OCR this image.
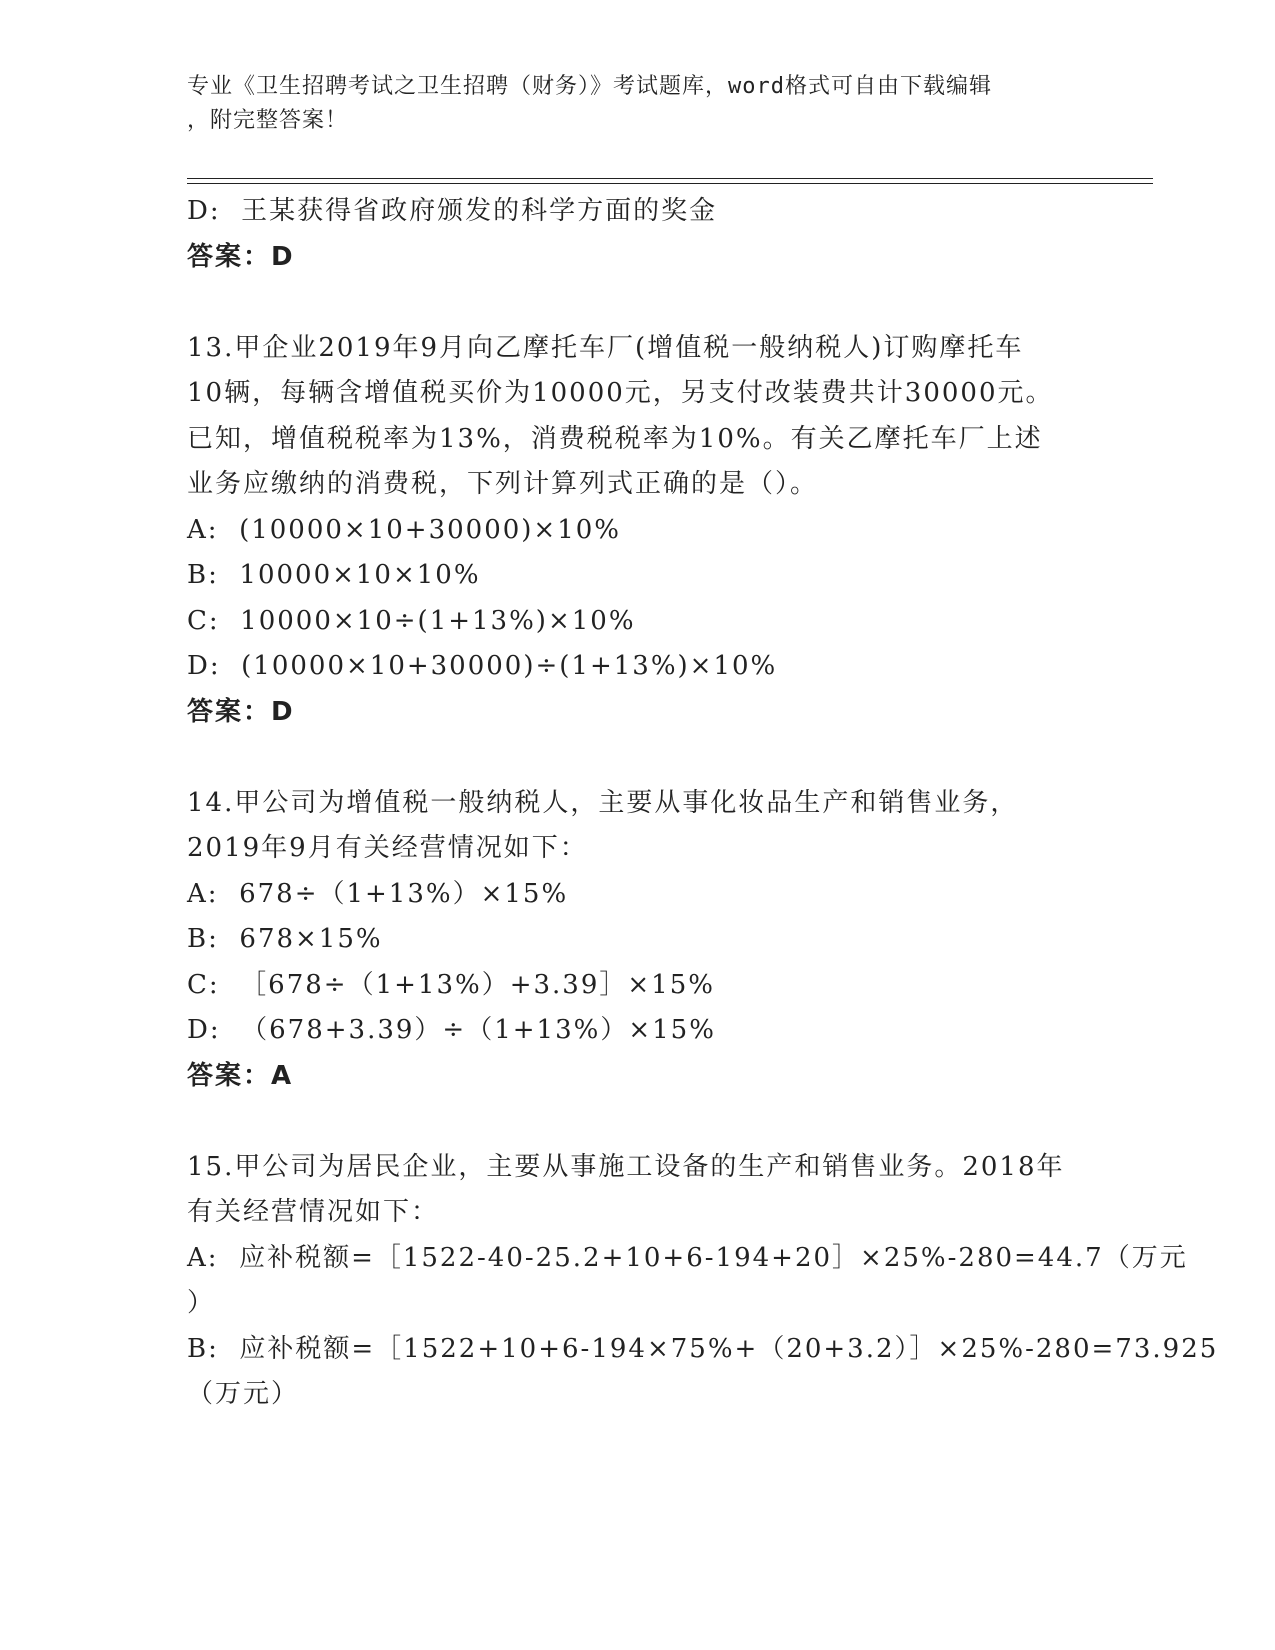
专业《卫生招聘考试之卫生招聘（财务）》考试题库，word格式可自由下载编辑
，附完整答案！
D:  王某获得省政府颁发的科学方面的奖金
答案：D
13.甲企业2019年9月向乙摩托车厂(增值税一般纳税人)订购摩托车
10辆，每辆含增值税买价为10000元，另支付改装费共计30000元。
已知，增值税税率为13%，消费税税率为10%。有关乙摩托车厂上述
业务应缴纳的消费税，下列计算列式正确的是（）。
A:  (10000×10+30000)×10%
B:  10000×10×10%
C:  10000×10÷(1+13%)×10%
D:  (10000×10+30000)÷(1+13%)×10%
答案：D
14.甲公司为增值税一般纳税人，主要从事化妆品生产和销售业务，
2019年9月有关经营情况如下：
A:  678÷（1+13%）×15%
B:  678×15%
C:  ［678÷（1+13%）+3.39］×15%
D:  （678+3.39）÷（1+13%）×15%
答案：A
15.甲公司为居民企业，主要从事施工设备的生产和销售业务。2018年
有关经营情况如下：
A:  应补税额=［1522-40-25.2+10+6-194+20］×25%-280=44.7（万元
）
B:  应补税额=［1522+10+6-194×75%+（20+3.2）］×25%-280=73.925
（万元）
